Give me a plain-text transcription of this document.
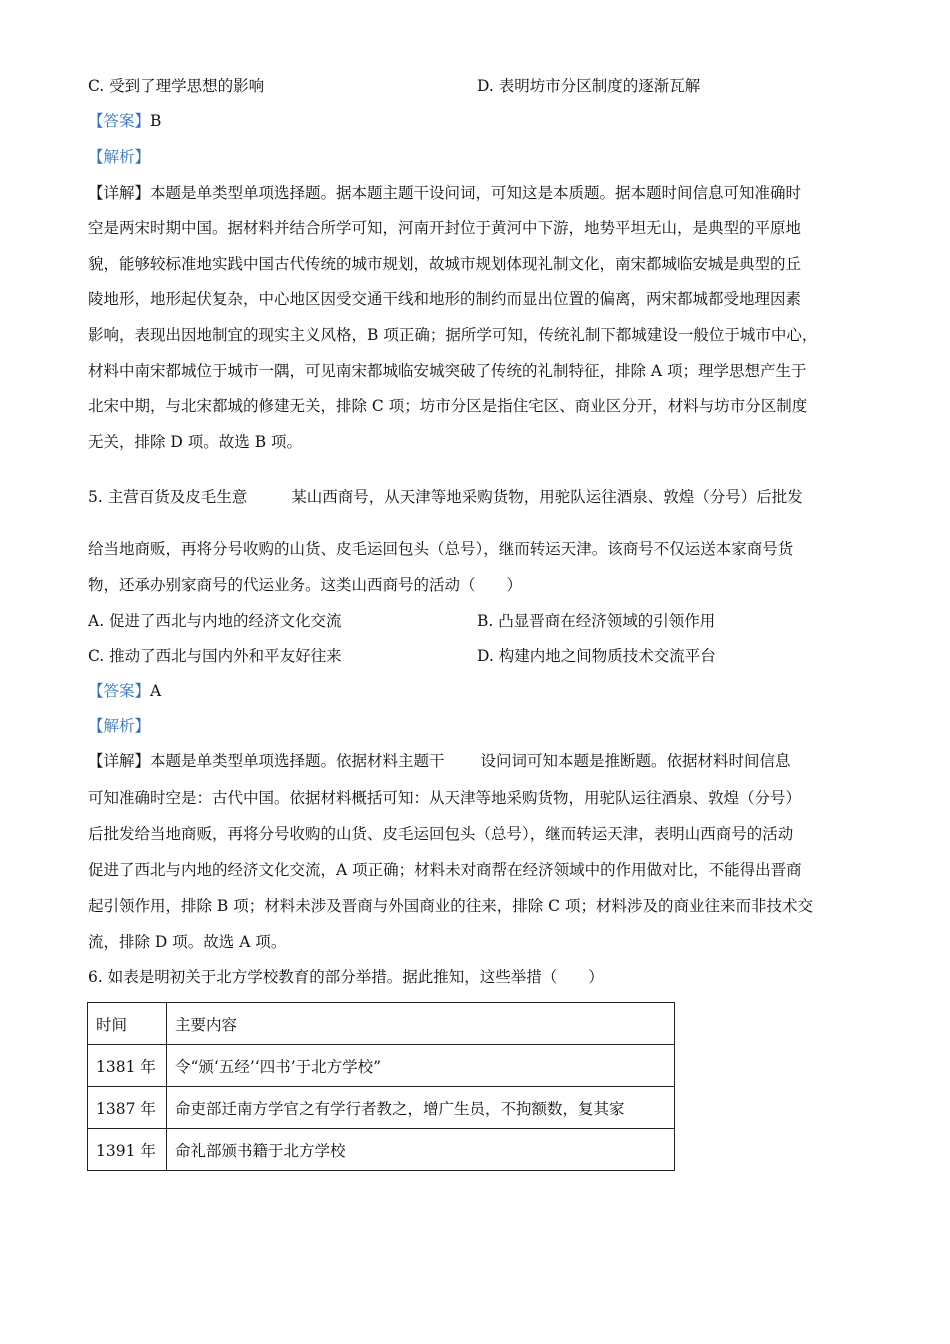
C. 受到了理学思想的影响	D. 表明坊市分区制度的逐渐瓦解
【答案】B
【解析】
【详解】本题是单类型单项选择题。据本题主题干设问词，可知这是本质题。据本题时间信息可知准确时
空是两宋时期中国。据材料并结合所学可知，河南开封位于黄河中下游，地势平坦无山，是典型的平原地
貌，能够较标准地实践中国古代传统的城市规划，故城市规划体现礼制文化，南宋都城临安城是典型的丘
陵地形，地形起伏复杂，中心地区因受交通干线和地形的制约而显出位置的偏离，两宋都城都受地理因素
影响，表现出因地制宜的现实主义风格，B 项正确；据所学可知，传统礼制下都城建设一般位于城市中心，
材料中南宋都城位于城市一隅，可见南宋都城临安城突破了传统的礼制特征，排除 A 项；理学思想产生于
北宋中期，与北宋都城的修建无关，排除 C 项；坊市分区是指住宅区、商业区分开，材料与坊市分区制度
无关，排除 D 项。故选 B 项。
5. 主营百货及皮毛生意	某山西商号，从天津等地采购货物，用驼队运往酒泉、敦煌（分号）后批发
给当地商贩，再将分号收购的山货、皮毛运回包头（总号），继而转运天津。该商号不仅运送本家商号货
物，还承办别家商号的代运业务。这类山西商号的活动（　　）
A. 促进了西北与内地的经济文化交流	B. 凸显晋商在经济领域的引领作用
C. 推动了西北与国内外和平友好往来	D. 构建内地之间物质技术交流平台
【答案】A
【解析】
【详解】本题是单类型单项选择题。依据材料主题干 设问词可知本题是推断题。依据材料时间信息
可知准确时空是：古代中国。依据材料概括可知：从天津等地采购货物，用驼队运往酒泉、敦煌（分号）
后批发给当地商贩，再将分号收购的山货、皮毛运回包头（总号），继而转运天津，表明山西商号的活动
促进了西北与内地的经济文化交流，A 项正确；材料未对商帮在经济领域中的作用做对比，不能得出晋商
起引领作用，排除 B 项；材料未涉及晋商与外国商业的往来，排除 C 项；材料涉及的商业往来而非技术交
流，排除 D 项。故选 A 项。
6. 如表是明初关于北方学校教育的部分举措。据此推知，这些举措（　　）
时间	主要内容
1381 年	令“颁‘五经’‘四书’于北方学校”
1387 年	命吏部迁南方学官之有学行者教之，增广生员，不拘额数，复其家
1391 年	命礼部颁书籍于北方学校
